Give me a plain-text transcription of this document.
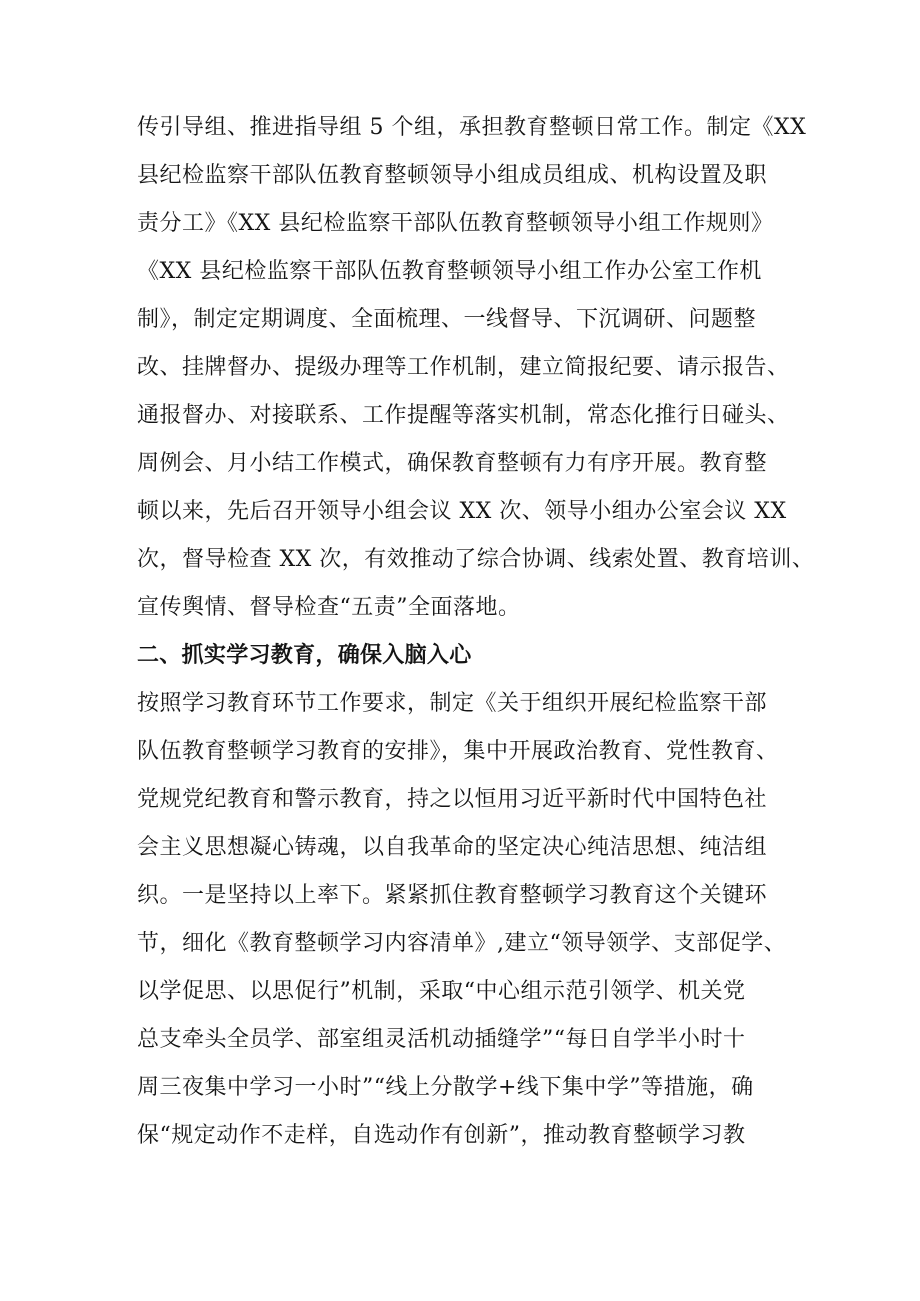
传引导组、推进指导组 5 个组，承担教育整顿日常工作。制定《XX
县纪检监察干部队伍教育整顿领导小组成员组成、机构设置及职
责分工》《XX 县纪检监察干部队伍教育整顿领导小组工作规则》
《XX 县纪检监察干部队伍教育整顿领导小组工作办公室工作机
制》，制定定期调度、全面梳理、一线督导、下沉调研、问题整
改、挂牌督办、提级办理等工作机制，建立简报纪要、请示报告、
通报督办、对接联系、工作提醒等落实机制，常态化推行日碰头、
周例会、月小结工作模式，确保教育整顿有力有序开展。教育整
顿以来，先后召开领导小组会议 XX 次、领导小组办公室会议 XX
次，督导检查 XX 次，有效推动了综合协调、线索处置、教育培训、
宣传舆情、督导检查“五责”全面落地。
二、抓实学习教育，确保入脑入心
按照学习教育环节工作要求，制定《关于组织开展纪检监察干部
队伍教育整顿学习教育的安排》，集中开展政治教育、党性教育、
党规党纪教育和警示教育，持之以恒用习近平新时代中国特色社
会主义思想凝心铸魂，以自我革命的坚定决心纯洁思想、纯洁组
织。一是坚持以上率下。紧紧抓住教育整顿学习教育这个关键环
节，细化《教育整顿学习内容清单》,建立“领导领学、支部促学、
以学促思、以思促行”机制，采取“中心组示范引领学、机关党
总支牵头全员学、部室组灵活机动插缝学”“每日自学半小时十
周三夜集中学习一小时”“线上分散学+线下集中学”等措施，确
保“规定动作不走样，自选动作有创新”，推动教育整顿学习教
